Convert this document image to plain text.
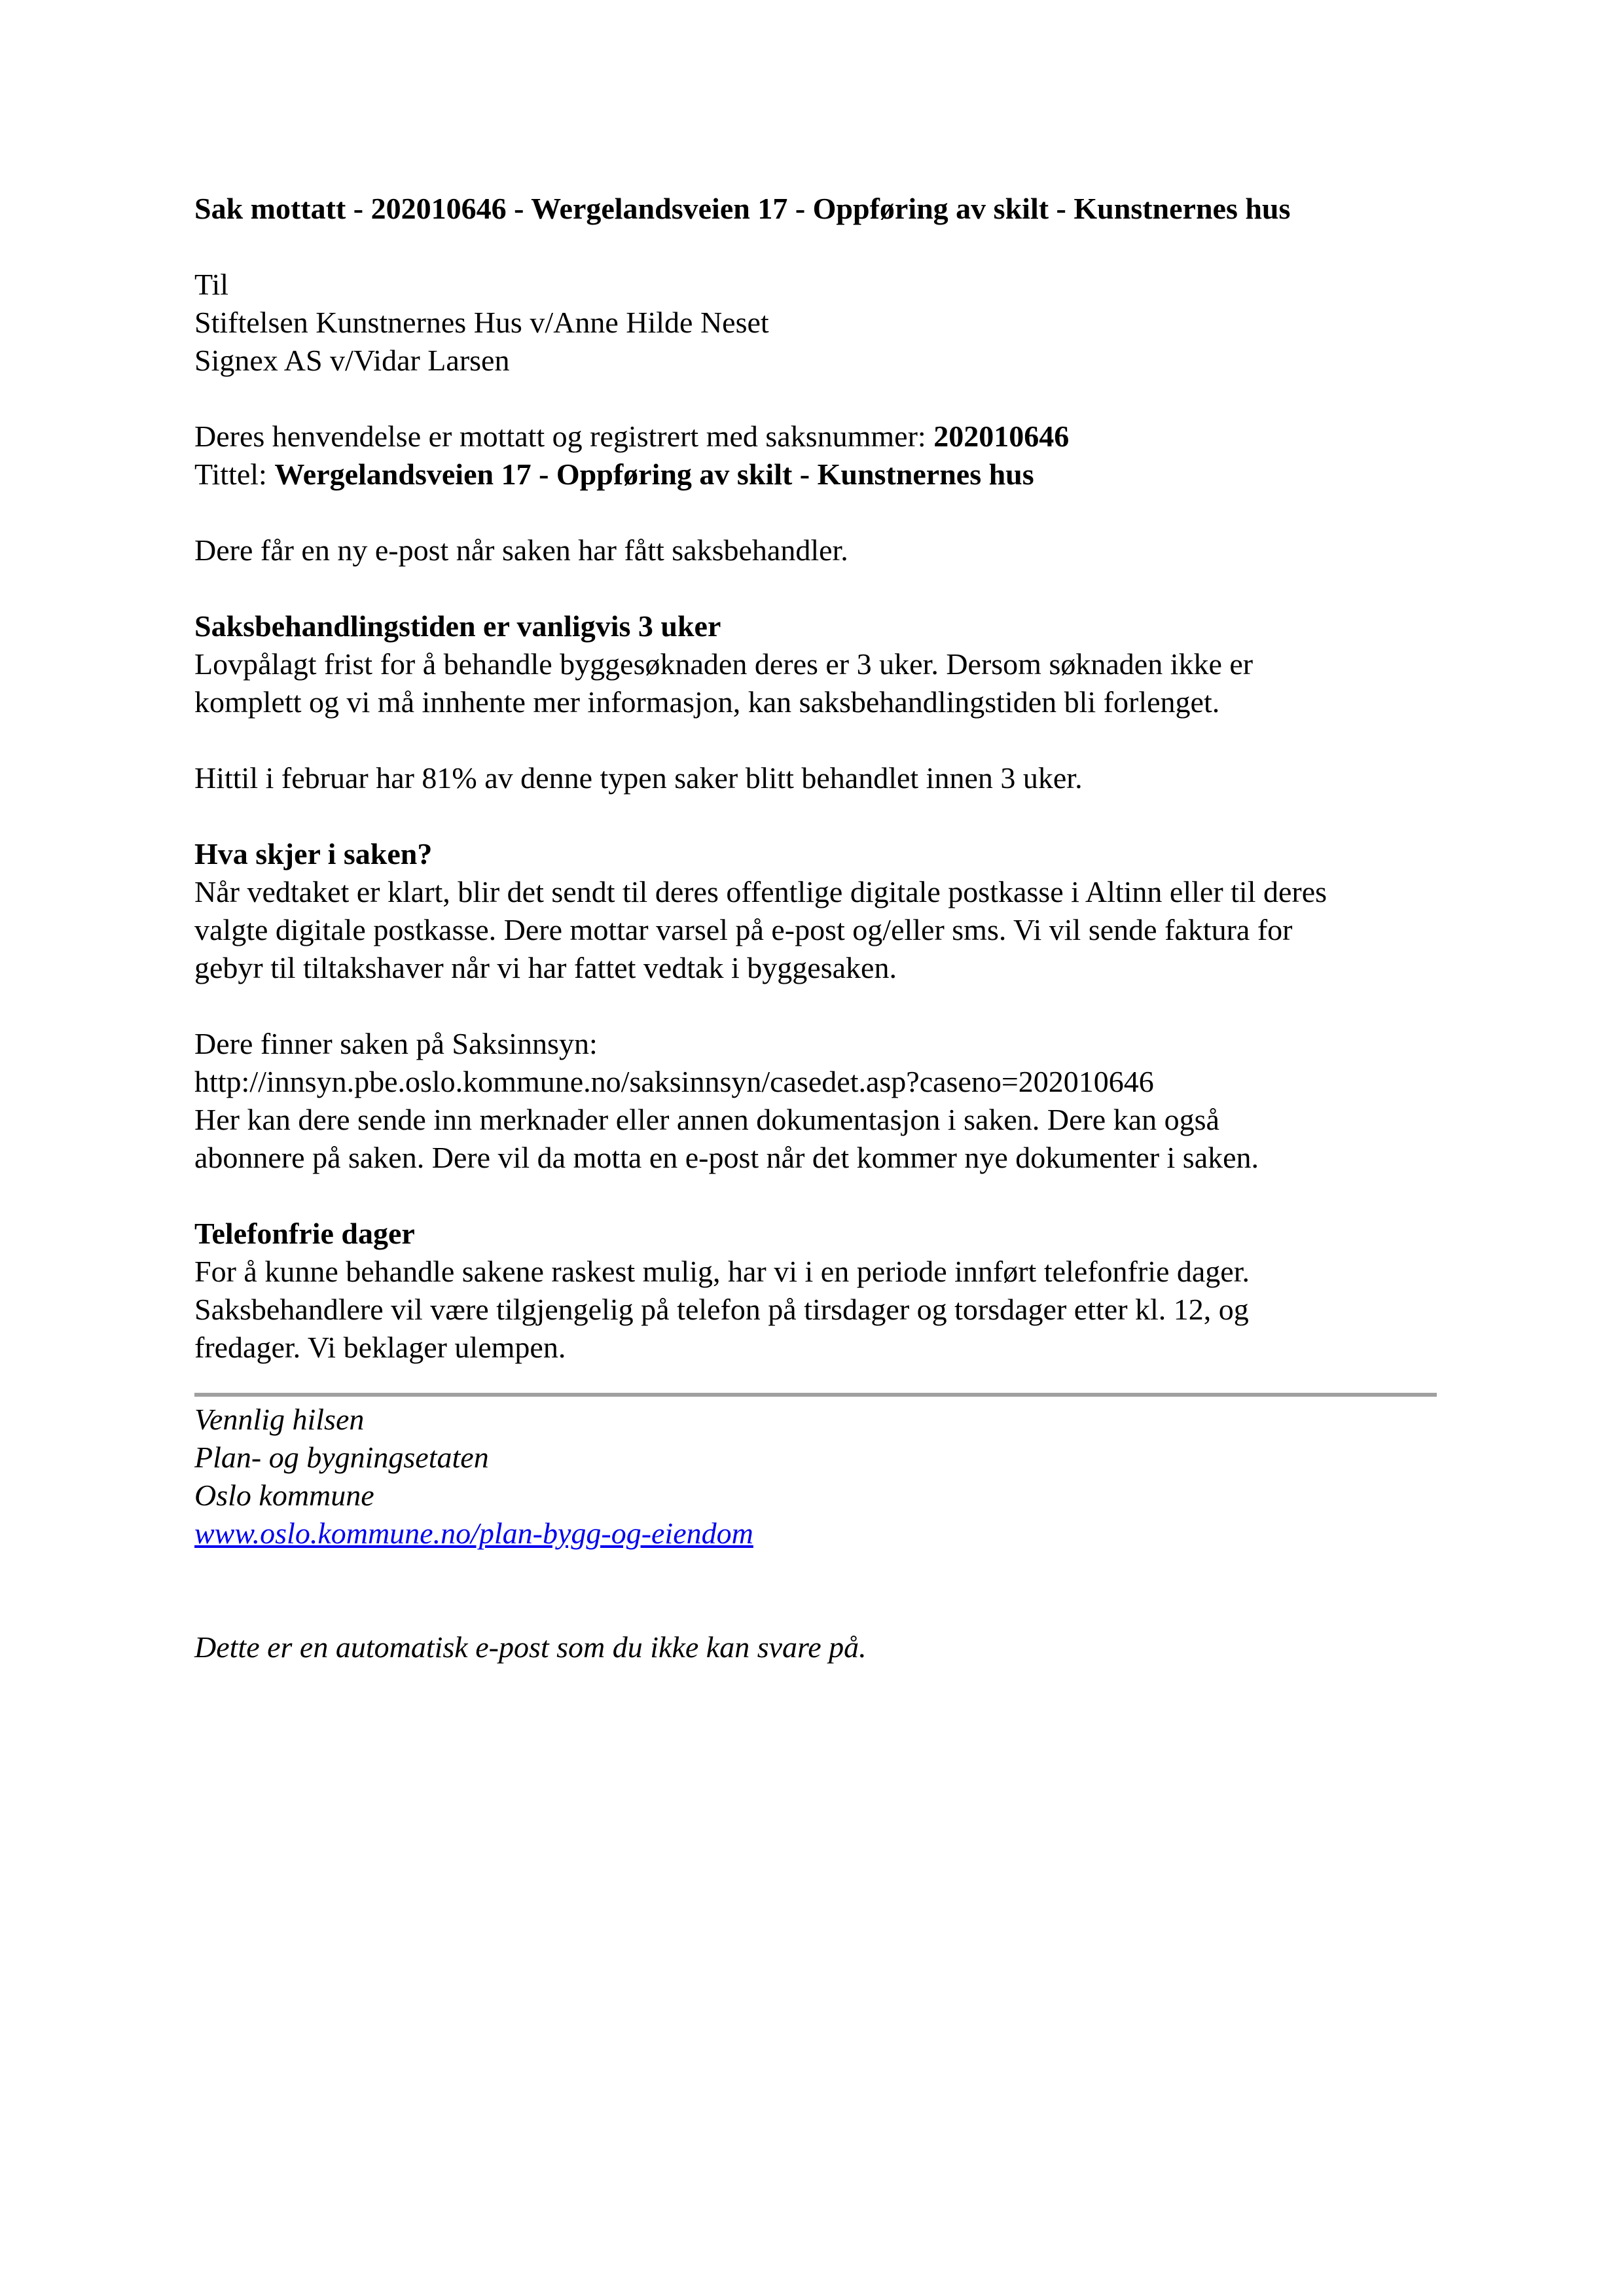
Sak mottatt - 202010646 - Wergelandsveien 17 - Oppføring av skilt - Kunstnernes hus
Til
Stiftelsen Kunstnernes Hus v/Anne Hilde Neset
Signex AS v/Vidar Larsen
Deres henvendelse er mottatt og registrert med saksnummer: 202010646
Tittel: Wergelandsveien 17 - Oppføring av skilt - Kunstnernes hus
Dere får en ny e-post når saken har fått saksbehandler.
Saksbehandlingstiden er vanligvis 3 uker
Lovpålagt frist for å behandle byggesøknaden deres er 3 uker. Dersom søknaden ikke er
komplett og vi må innhente mer informasjon, kan saksbehandlingstiden bli forlenget.
Hittil i februar har 81% av denne typen saker blitt behandlet innen 3 uker.
Hva skjer i saken?
Når vedtaket er klart, blir det sendt til deres offentlige digitale postkasse i Altinn eller til deres
valgte digitale postkasse. Dere mottar varsel på e-post og/eller sms. Vi vil sende faktura for
gebyr til tiltakshaver når vi har fattet vedtak i byggesaken.
Dere finner saken på Saksinnsyn:
http://innsyn.pbe.oslo.kommune.no/saksinnsyn/casedet.asp?caseno=202010646
Her kan dere sende inn merknader eller annen dokumentasjon i saken. Dere kan også
abonnere på saken. Dere vil da motta en e-post når det kommer nye dokumenter i saken.
Telefonfrie dager
For å kunne behandle sakene raskest mulig, har vi i en periode innført telefonfrie dager.
Saksbehandlere vil være tilgjengelig på telefon på tirsdager og torsdager etter kl. 12, og
fredager. Vi beklager ulempen.
Vennlig hilsen
Plan- og bygningsetaten
Oslo kommune
www.oslo.kommune.no/plan-bygg-og-eiendom
Dette er en automatisk e-post som du ikke kan svare på.
